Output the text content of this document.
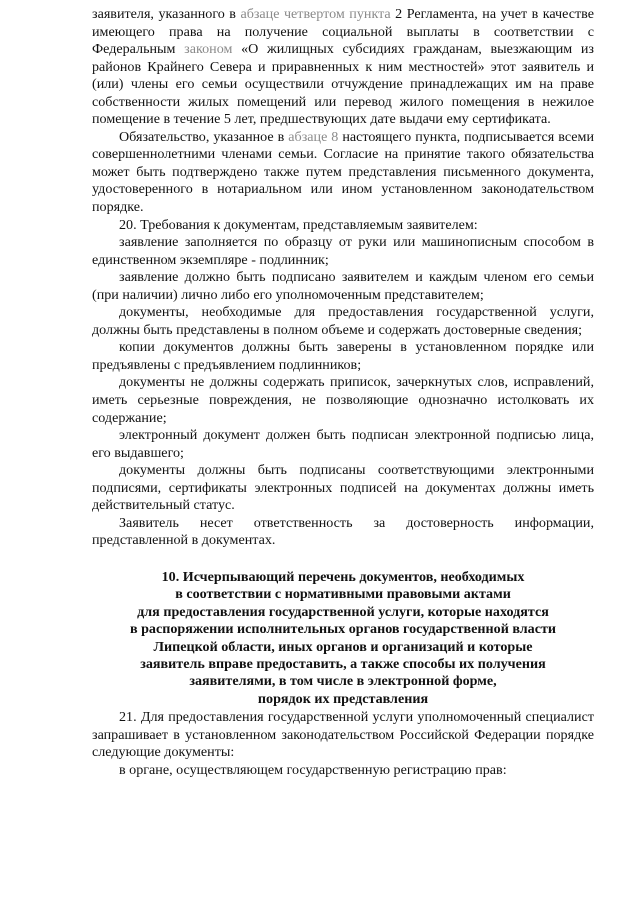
заявителя, указанного в абзаце четвертом пункта 2 Регламента, на учет в качестве имеющего права на получение социальной выплаты в соответствии с Федеральным законом «О жилищных субсидиях гражданам, выезжающим из районов Крайнего Севера и приравненных к ним местностей» этот заявитель и (или) члены его семьи осуществили отчуждение принадлежащих им на праве собственности жилых помещений или перевод жилого помещения в нежилое помещение в течение 5 лет, предшествующих дате выдачи ему сертификата.

Обязательство, указанное в абзаце 8 настоящего пункта, подписывается всеми совершеннолетними членами семьи. Согласие на принятие такого обязательства может быть подтверждено также путем представления письменного документа, удостоверенного в нотариальном или ином установленном законодательством порядке.

20. Требования к документам, представляемым заявителем:

заявление заполняется по образцу от руки или машинописным способом в единственном экземпляре - подлинник;

заявление должно быть подписано заявителем и каждым членом его семьи (при наличии) лично либо его уполномоченным представителем;

документы, необходимые для предоставления государственной услуги, должны быть представлены в полном объеме и содержать достоверные сведения;

копии документов должны быть заверены в установленном порядке или предъявлены с предъявлением подлинников;

документы не должны содержать приписок, зачеркнутых слов, исправлений, иметь серьезные повреждения, не позволяющие однозначно истолковать их содержание;

электронный документ должен быть подписан электронной подписью лица, его выдавшего;

документы должны быть подписаны соответствующими электронными подписями, сертификаты электронных подписей на документах должны иметь действительный статус.

Заявитель несет ответственность за достоверность информации, представленной в документах.

10. Исчерпывающий перечень документов, необходимых
в соответствии с нормативными правовыми актами
для предоставления государственной услуги, которые находятся
в распоряжении исполнительных органов государственной власти
Липецкой области, иных органов и организаций и которые
заявитель вправе предоставить, а также способы их получения
заявителями, в том числе в электронной форме,
порядок их представления

21. Для предоставления государственной услуги уполномоченный специалист запрашивает в установленном законодательством Российской Федерации порядке следующие документы:

в органе, осуществляющем государственную регистрацию прав:
